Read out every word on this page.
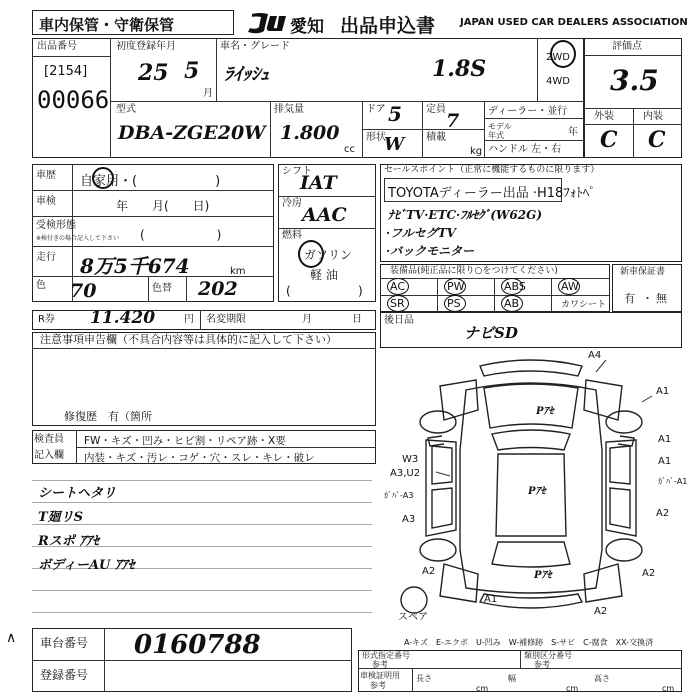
車内保管・守衛保管	愛知 出品申込書 JAPAN USED CAR DEALERS ASSOCIATION
出品番号
[2154]
00066
初度登録年月
25 5
月
車名・グレード
ﾗｲｯｼｭ	1.8S	2WD
4WD
評価点
3.5
外装	内装
C C
型式
DBA-ZGE20W
排気量
1.800
cc
ドア 5
形状
W
定員
7
積載
kg
ディーラー・並行
モデル年式	年
ハンドル 左・右
車歴 自家用・(　　　　　　)
車検	年　　月(　　日)
受検形態
※検付きの場合記入して下さい (　　　　　　)
走行 8万5千674	km
色 70	色替 202
シフト
IAT
冷房
AAC
燃料
ガソリン
軽 油
(	)
セールスポイント（正常に機能するものに限ります）
TOYOTAディーラー出品 ·H18ﾌｫﾄﾍﾟ
ﾅﾋﾞTV·ETC·ﾌﾙｾｸﾞ(W62G)
·フルセグTV
·バックモニター
装備品(純正品に限り○をつけてください)
AC	PW	ABS	AW
SR	PS	AB	カワシート
新車保証書
有 ・ 無
R券 11.420	円 名変期限	月	日 後日品
ナビSD
注意事項申告欄（不具合内容等は具体的に記入して下さい）
修復歴　有（箇所
検査員
記入欄
FW・キズ・凹み・ヒビ割・リペア跡・X要
内装・キズ・汚レ・コゲ・穴・スレ・キレ・破レ
シートヘタリ
T廻リS
Rスポ ｱｱｾ
ボディーAU ｱｱｾ
A4
Pｱｾ
A1
W3
A3,U2
ｶﾞﾊﾞ-A3
A3
A1
A1
ｶﾞﾊﾞ-A1
Pｱｾ
A2
A2	Pｱｾ	A2
A1
A2
スペア
A-キズ　E-エクボ　U-凹み　W-補修跡　S-サビ　C-腐食　XX-交換済
∧ 車台番号 0160788
登録番号
形式指定番号
参考
類別区分番号
参考
車検証明用
参考
長さ
cm
幅
cm
高さ
cm
